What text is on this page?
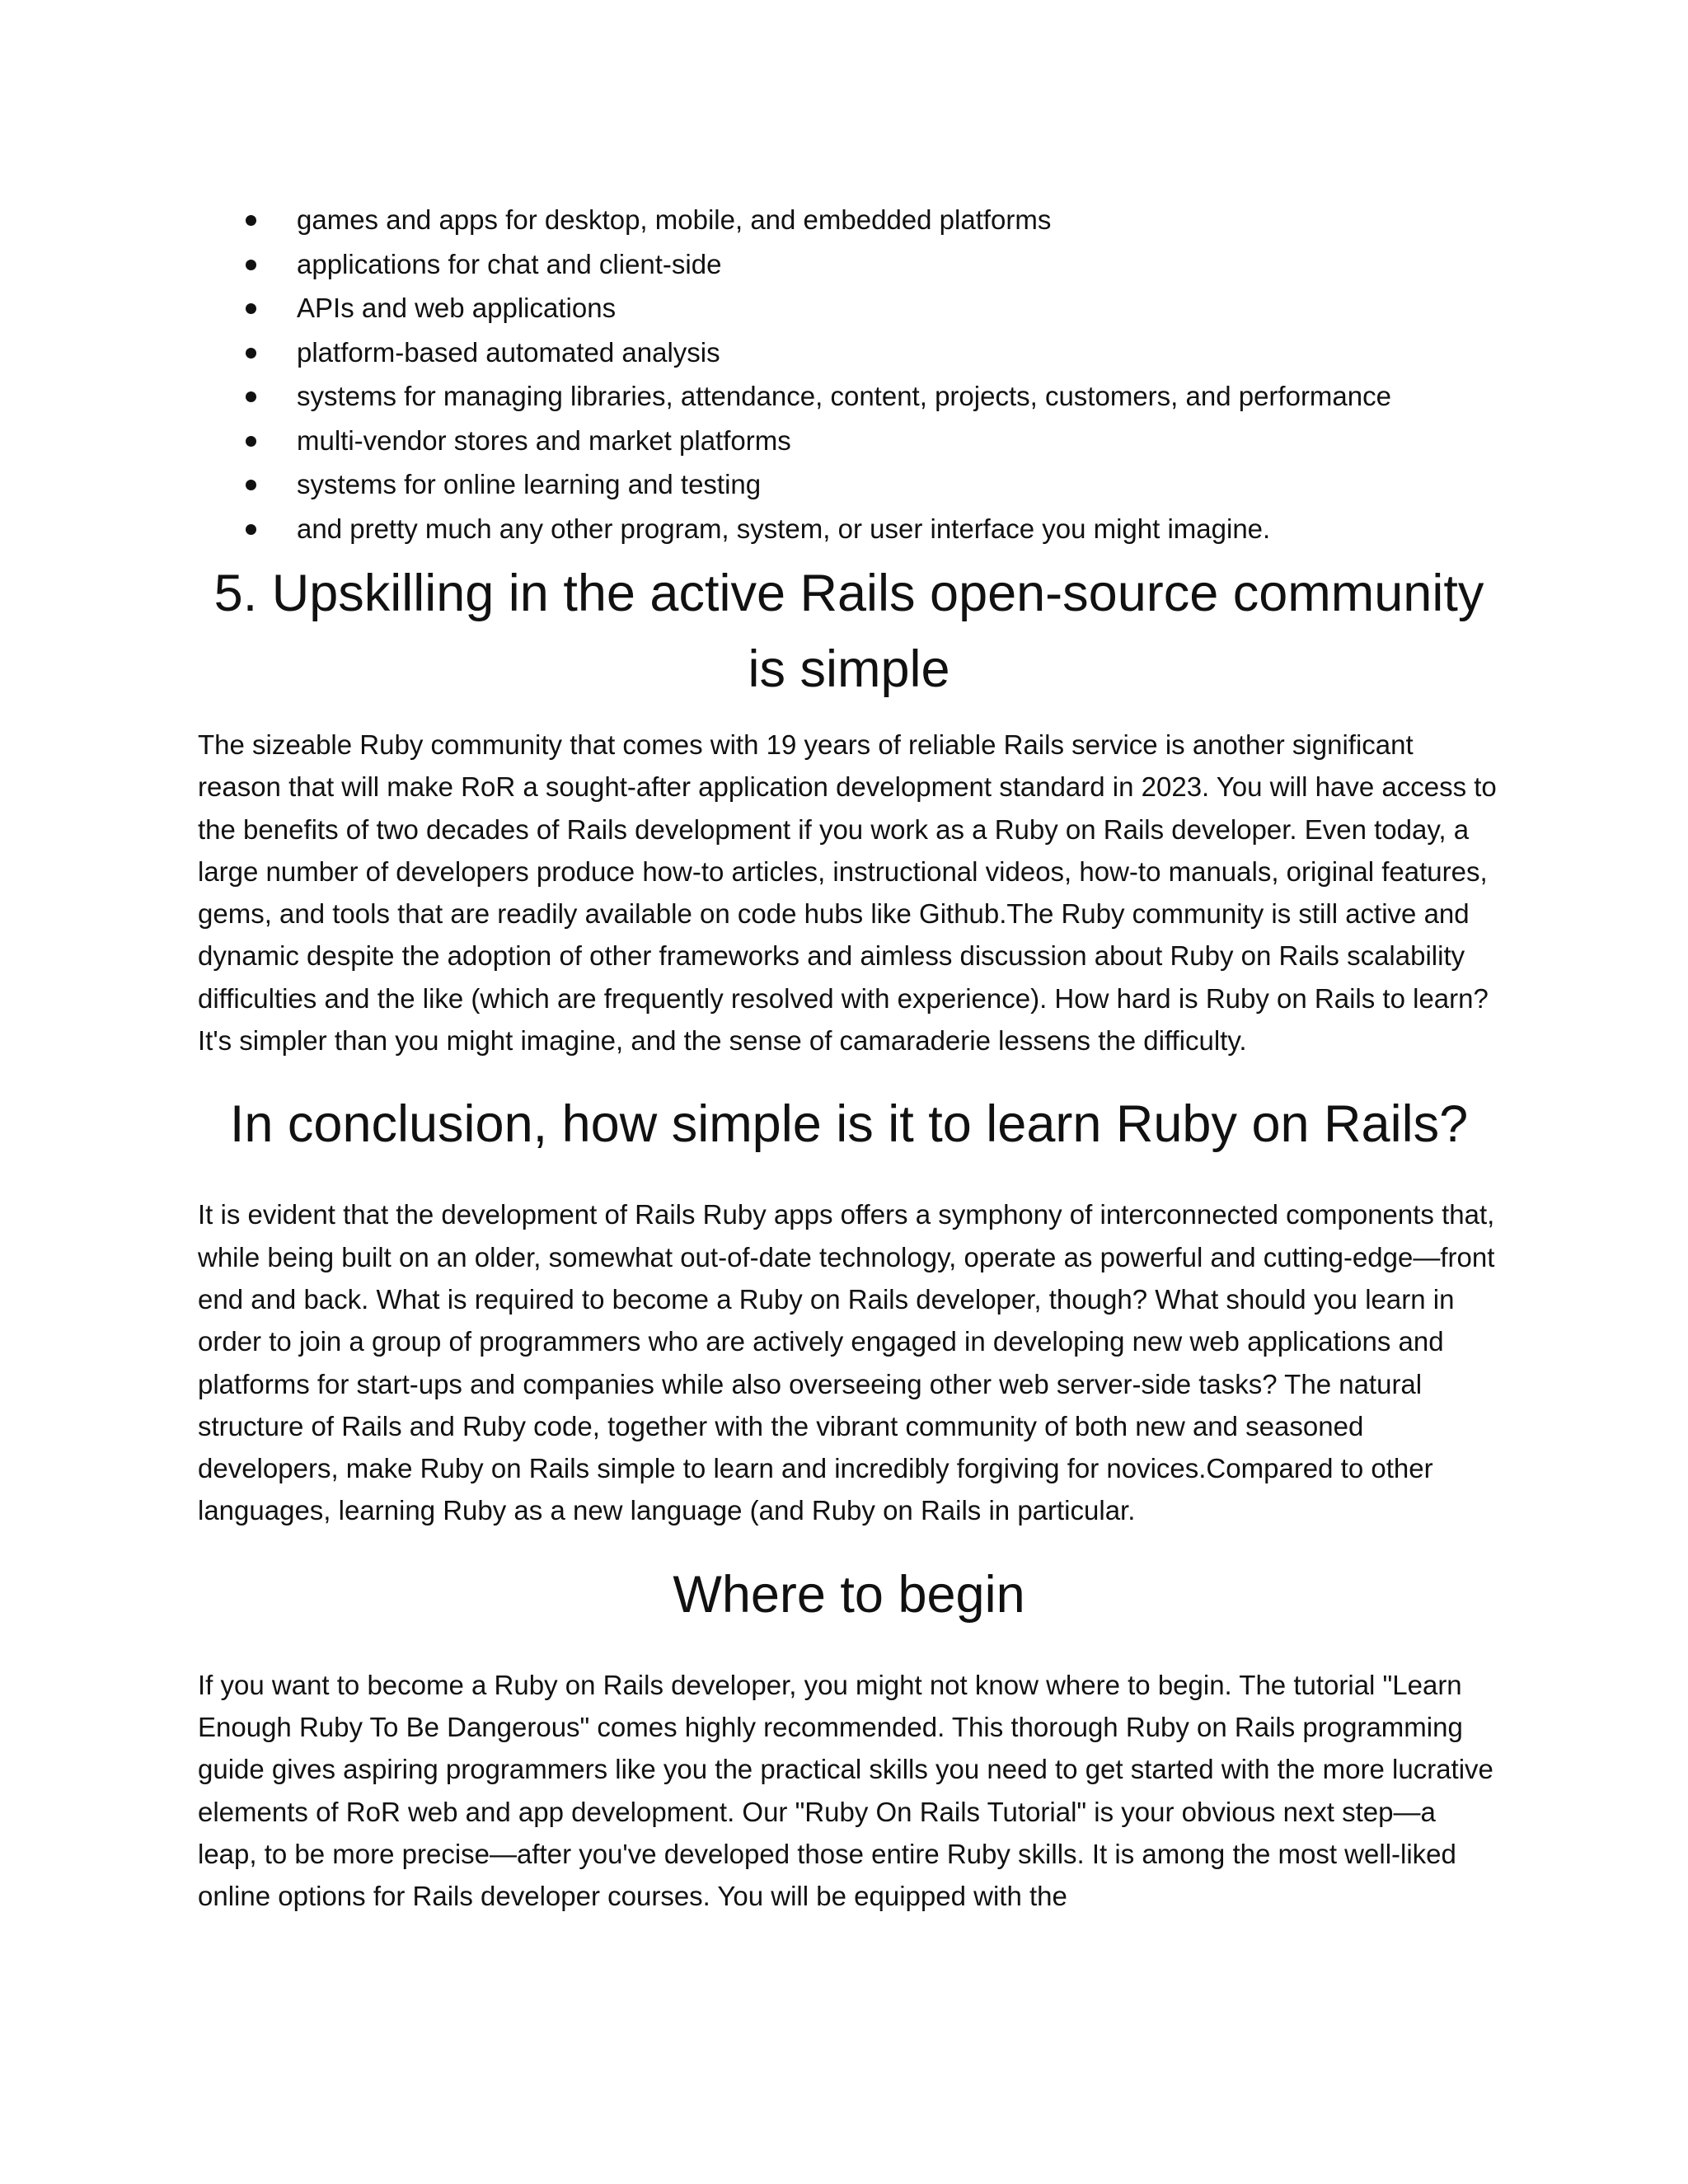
games and apps for desktop, mobile, and embedded platforms
applications for chat and client-side
APIs and web applications
platform-based automated analysis
systems for managing libraries, attendance, content, projects, customers, and performance
multi-vendor stores and market platforms
systems for online learning and testing
and pretty much any other program, system, or user interface you might imagine.
5. Upskilling in the active Rails open-source community is simple

The sizeable Ruby community that comes with 19 years of reliable Rails service is another significant reason that will make RoR a sought-after application development standard in 2023. You will have access to the benefits of two decades of Rails development if you work as a Ruby on Rails developer. Even today, a large number of developers produce how-to articles, instructional videos, how-to manuals, original features, gems, and tools that are readily available on code hubs like Github.The Ruby community is still active and dynamic despite the adoption of other frameworks and aimless discussion about Ruby on Rails scalability difficulties and the like (which are frequently resolved with experience). How hard is Ruby on Rails to learn? It's simpler than you might imagine, and the sense of camaraderie lessens the difficulty.

In conclusion, how simple is it to learn Ruby on Rails?

It is evident that the development of Rails Ruby apps offers a symphony of interconnected components that, while being built on an older, somewhat out-of-date technology, operate as powerful and cutting-edge—front end and back. What is required to become a Ruby on Rails developer, though? What should you learn in order to join a group of programmers who are actively engaged in developing new web applications and platforms for start-ups and companies while also overseeing other web server-side tasks? The natural structure of Rails and Ruby code, together with the vibrant community of both new and seasoned developers, make Ruby on Rails simple to learn and incredibly forgiving for novices.Compared to other languages, learning Ruby as a new language (and Ruby on Rails in particular.

Where to begin

If you want to become a Ruby on Rails developer, you might not know where to begin. The tutorial "Learn Enough Ruby To Be Dangerous" comes highly recommended. This thorough Ruby on Rails programming guide gives aspiring programmers like you the practical skills you need to get started with the more lucrative elements of RoR web and app development. Our "Ruby On Rails Tutorial" is your obvious next step—a leap, to be more precise—after you've developed those entire Ruby skills. It is among the most well-liked online options for Rails developer courses. You will be equipped with the
